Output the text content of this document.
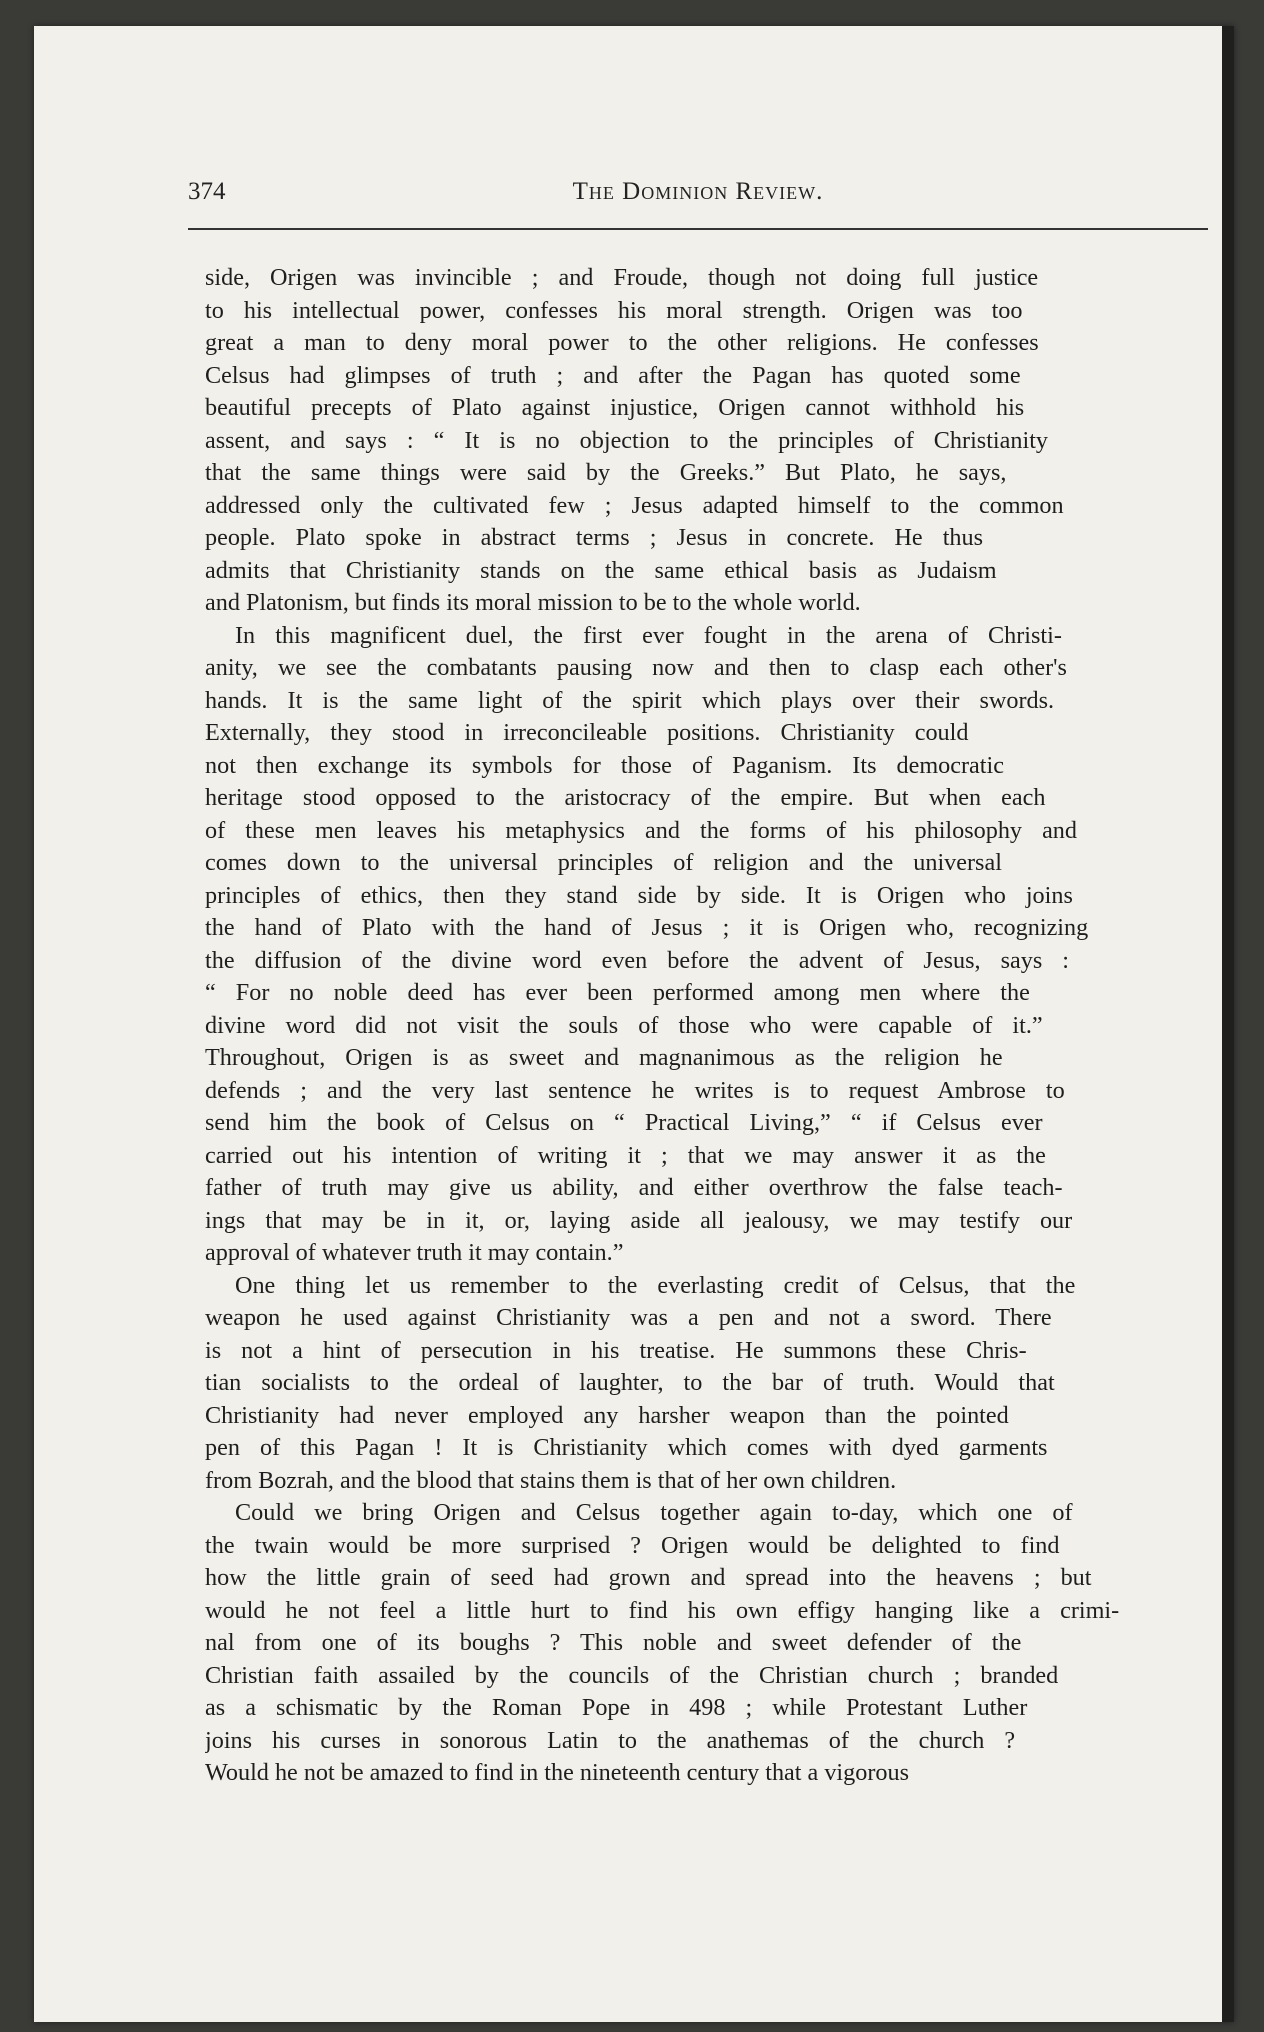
374	The Dominion Review.
side, Origen was invincible ; and Froude, though not doing full justice
to his intellectual power, confesses his moral strength. Origen was too
great a man to deny moral power to the other religions. He confesses
Celsus had glimpses of truth ; and after the Pagan has quoted some
beautiful precepts of Plato against injustice, Origen cannot withhold his
assent, and says : “ It is no objection to the principles of Christianity
that the same things were said by the Greeks.” But Plato, he says,
addressed only the cultivated few ; Jesus adapted himself to the common
people. Plato spoke in abstract terms ; Jesus in concrete. He thus
admits that Christianity stands on the same ethical basis as Judaism
and Platonism, but finds its moral mission to be to the whole world.
In this magnificent duel, the first ever fought in the arena of Christi-
anity, we see the combatants pausing now and then to clasp each other's
hands. It is the same light of the spirit which plays over their swords.
Externally, they stood in irreconcileable positions. Christianity could
not then exchange its symbols for those of Paganism. Its democratic
heritage stood opposed to the aristocracy of the empire. But when each
of these men leaves his metaphysics and the forms of his philosophy and
comes down to the universal principles of religion and the universal
principles of ethics, then they stand side by side. It is Origen who joins
the hand of Plato with the hand of Jesus ; it is Origen who, recognizing
the diffusion of the divine word even before the advent of Jesus, says :
“ For no noble deed has ever been performed among men where the
divine word did not visit the souls of those who were capable of it.”
Throughout, Origen is as sweet and magnanimous as the religion he
defends ; and the very last sentence he writes is to request Ambrose to
send him the book of Celsus on “ Practical Living,” “ if Celsus ever
carried out his intention of writing it ; that we may answer it as the
father of truth may give us ability, and either overthrow the false teach-
ings that may be in it, or, laying aside all jealousy, we may testify our
approval of whatever truth it may contain.”
One thing let us remember to the everlasting credit of Celsus, that the
weapon he used against Christianity was a pen and not a sword. There
is not a hint of persecution in his treatise. He summons these Chris-
tian socialists to the ordeal of laughter, to the bar of truth. Would that
Christianity had never employed any harsher weapon than the pointed
pen of this Pagan ! It is Christianity which comes with dyed garments
from Bozrah, and the blood that stains them is that of her own children.
Could we bring Origen and Celsus together again to-day, which one of
the twain would be more surprised ? Origen would be delighted to find
how the little grain of seed had grown and spread into the heavens ; but
would he not feel a little hurt to find his own effigy hanging like a crimi-
nal from one of its boughs ? This noble and sweet defender of the
Christian faith assailed by the councils of the Christian church ; branded
as a schismatic by the Roman Pope in 498 ; while Protestant Luther
joins his curses in sonorous Latin to the anathemas of the church ?
Would he not be amazed to find in the nineteenth century that a vigorous
